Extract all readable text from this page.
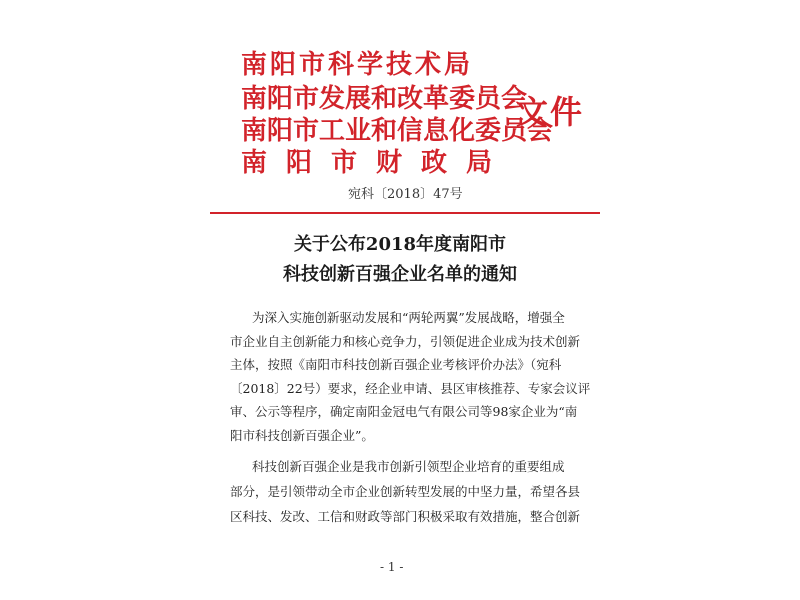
南阳市科学技术局
南阳市发展和改革委员会
南阳市工业和信息化委员会
南阳市财政局
文件
宛科〔2018〕47号
关于公布2018年度南阳市
科技创新百强企业名单的通知
为深入实施创新驱动发展和“两轮两翼”发展战略，增强全
市企业自主创新能力和核心竞争力，引领促进企业成为技术创新
主体，按照《南阳市科技创新百强企业考核评价办法》（宛科
〔2018〕22号）要求，经企业申请、县区审核推荐、专家会议评
审、公示等程序，确定南阳金冠电气有限公司等98家企业为“南
阳市科技创新百强企业”。
科技创新百强企业是我市创新引领型企业培育的重要组成
部分，是引领带动全市企业创新转型发展的中坚力量，希望各县
区科技、发改、工信和财政等部门积极采取有效措施，整合创新
- 1 -
